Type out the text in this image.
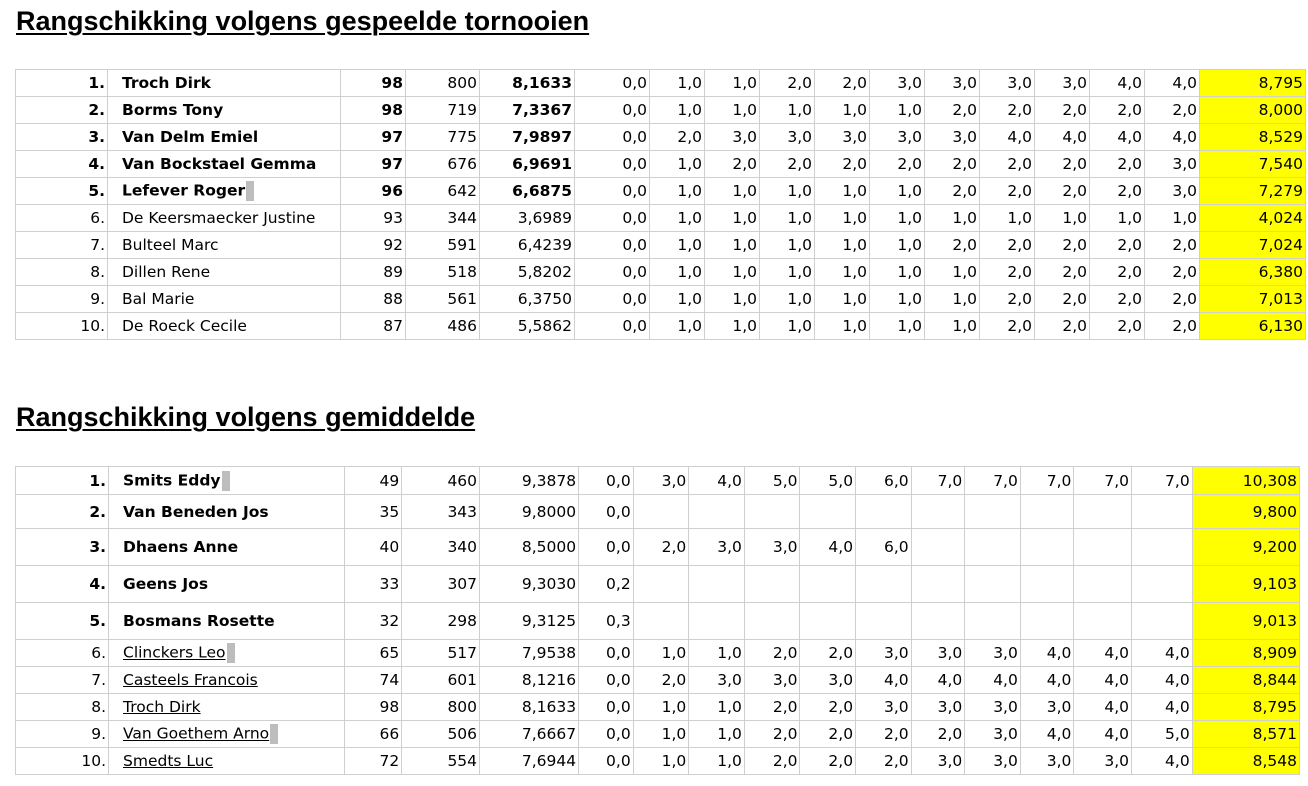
Rangschikking volgens gespeelde tornooien
1.	Troch Dirk	98	800	8,1633	0,0	1,0	1,0	2,0	2,0	3,0	3,0	3,0	3,0	4,0	4,0	8,795
2.	Borms Tony	98	719	7,3367	0,0	1,0	1,0	1,0	1,0	1,0	2,0	2,0	2,0	2,0	2,0	8,000
3.	Van Delm Emiel	97	775	7,9897	0,0	2,0	3,0	3,0	3,0	3,0	3,0	4,0	4,0	4,0	4,0	8,529
4.	Van Bockstael Gemma	97	676	6,9691	0,0	1,0	2,0	2,0	2,0	2,0	2,0	2,0	2,0	2,0	3,0	7,540
5.	Lefever Roger	96	642	6,6875	0,0	1,0	1,0	1,0	1,0	1,0	2,0	2,0	2,0	2,0	3,0	7,279
6.	De Keersmaecker Justine	93	344	3,6989	0,0	1,0	1,0	1,0	1,0	1,0	1,0	1,0	1,0	1,0	1,0	4,024
7.	Bulteel Marc	92	591	6,4239	0,0	1,0	1,0	1,0	1,0	1,0	2,0	2,0	2,0	2,0	2,0	7,024
8.	Dillen Rene	89	518	5,8202	0,0	1,0	1,0	1,0	1,0	1,0	1,0	2,0	2,0	2,0	2,0	6,380
9.	Bal Marie	88	561	6,3750	0,0	1,0	1,0	1,0	1,0	1,0	1,0	2,0	2,0	2,0	2,0	7,013
10.	De Roeck Cecile	87	486	5,5862	0,0	1,0	1,0	1,0	1,0	1,0	1,0	2,0	2,0	2,0	2,0	6,130
Rangschikking volgens gemiddelde
1.	Smits Eddy	49	460	9,3878	0,0	3,0	4,0	5,0	5,0	6,0	7,0	7,0	7,0	7,0	7,0	10,308
2.	Van Beneden Jos	35	343	9,8000	0,0											9,800
3.	Dhaens Anne	40	340	8,5000	0,0	2,0	3,0	3,0	4,0	6,0						9,200
4.	Geens Jos	33	307	9,3030	0,2											9,103
5.	Bosmans Rosette	32	298	9,3125	0,3											9,013
6.	Clinckers Leo	65	517	7,9538	0,0	1,0	1,0	2,0	2,0	3,0	3,0	3,0	4,0	4,0	4,0	8,909
7.	Casteels Francois	74	601	8,1216	0,0	2,0	3,0	3,0	3,0	4,0	4,0	4,0	4,0	4,0	4,0	8,844
8.	Troch Dirk	98	800	8,1633	0,0	1,0	1,0	2,0	2,0	3,0	3,0	3,0	3,0	4,0	4,0	8,795
9.	Van Goethem Arno	66	506	7,6667	0,0	1,0	1,0	2,0	2,0	2,0	2,0	3,0	4,0	4,0	5,0	8,571
10.	Smedts Luc	72	554	7,6944	0,0	1,0	1,0	2,0	2,0	2,0	3,0	3,0	3,0	3,0	4,0	8,548
